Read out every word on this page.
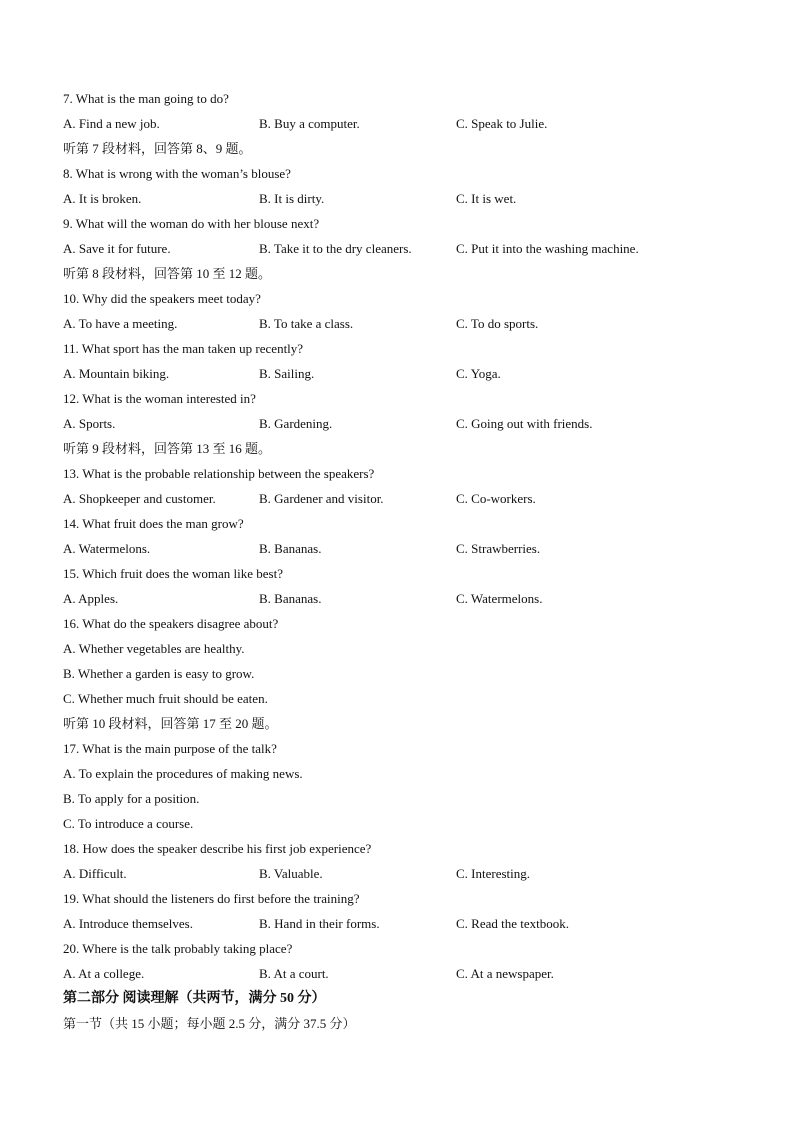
7. What is the man going to do?
A. Find a new job.	B. Buy a computer.	C. Speak to Julie.
听第 7 段材料，回答第 8、9 题。
8. What is wrong with the woman’s blouse?
A. It is broken.	B. It is dirty.	C. It is wet.
9. What will the woman do with her blouse next?
A. Save it for future.	B. Take it to the dry cleaners.	C. Put it into the washing machine.
听第 8 段材料，回答第 10 至 12 题。
10. Why did the speakers meet today?
A. To have a meeting.	B. To take a class.	C. To do sports.
11. What sport has the man taken up recently?
A. Mountain biking.	B. Sailing.	C. Yoga.
12. What is the woman interested in?
A. Sports.	B. Gardening.	C. Going out with friends.
听第 9 段材料，回答第 13 至 16 题。
13. What is the probable relationship between the speakers?
A. Shopkeeper and customer.	B. Gardener and visitor.	C. Co-workers.
14. What fruit does the man grow?
A. Watermelons.	B. Bananas.	C. Strawberries.
15. Which fruit does the woman like best?
A. Apples.	B. Bananas.	C. Watermelons.
16. What do the speakers disagree about?
A. Whether vegetables are healthy.
B. Whether a garden is easy to grow.
C. Whether much fruit should be eaten.
听第 10 段材料，回答第 17 至 20 题。
17. What is the main purpose of the talk?
A. To explain the procedures of making news.
B. To apply for a position.
C. To introduce a course.
18. How does the speaker describe his first job experience?
A. Difficult.	B. Valuable.	C. Interesting.
19. What should the listeners do first before the training?
A. Introduce themselves.	B. Hand in their forms.	C. Read the textbook.
20. Where is the talk probably taking place?
A. At a college.	B. At a court.	C. At a newspaper.
第二部分 阅读理解（共两节，满分 50 分）
第一节（共 15 小题；每小题 2.5 分，满分 37.5 分）
